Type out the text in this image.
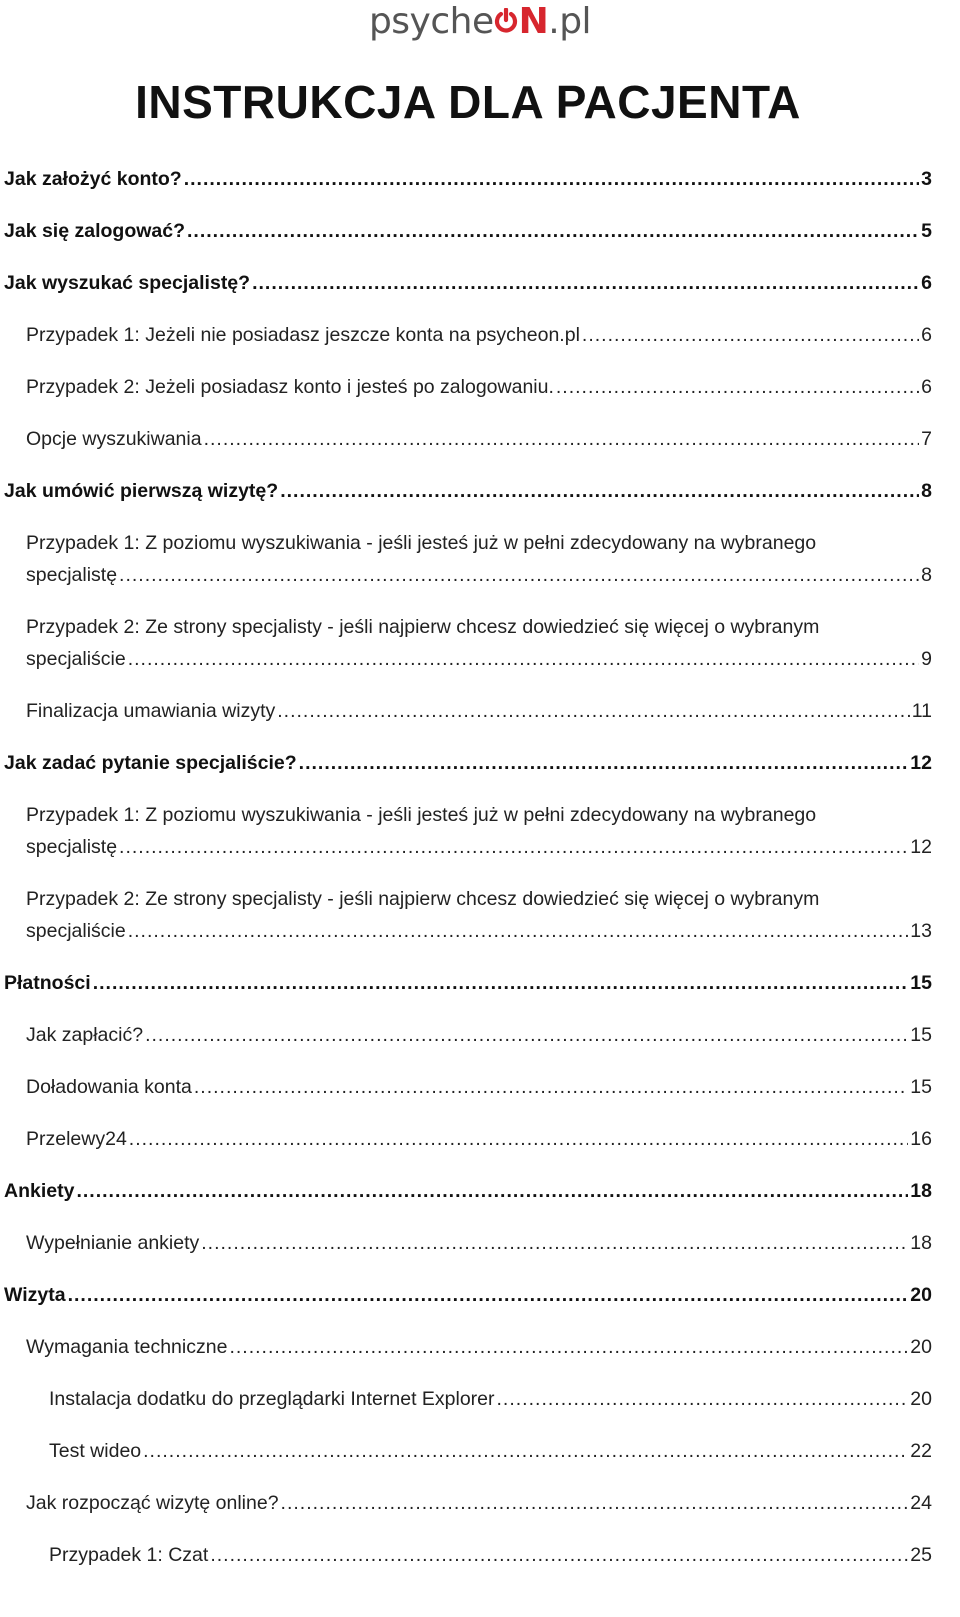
psyche N.pl
INSTRUKCJA DLA PACJENTA
Jak założyć konto? .....	3
Jak się zalogować? .....	5
Jak wyszukać specjalistę? .....	6
Przypadek 1: Jeżeli nie posiadasz jeszcze konta na psycheon.pl .....	6
Przypadek 2: Jeżeli posiadasz konto i jesteś po zalogowaniu. .....	6
Opcje wyszukiwania .....	7
Jak umówić pierwszą wizytę? .....	8
Przypadek 1: Z poziomu wyszukiwania - jeśli jesteś już w pełni zdecydowany na wybranego
specjalistę .....	8
Przypadek 2: Ze strony specjalisty - jeśli najpierw chcesz dowiedzieć się więcej o wybranym
specjaliście .....	9
Finalizacja umawiania wizyty .....	11
Jak zadać pytanie specjaliście? .....	12
Przypadek 1: Z poziomu wyszukiwania - jeśli jesteś już w pełni zdecydowany na wybranego
specjalistę .....	12
Przypadek 2: Ze strony specjalisty - jeśli najpierw chcesz dowiedzieć się więcej o wybranym
specjaliście .....	13
Płatności .....	15
Jak zapłacić? .....	15
Doładowania konta .....	15
Przelewy24 .....	16
Ankiety .....	18
Wypełnianie ankiety .....	18
Wizyta .....	20
Wymagania techniczne .....	20
Instalacja dodatku do przeglądarki Internet Explorer .....	20
Test wideo .....	22
Jak rozpocząć wizytę online? .....	24
Przypadek 1: Czat .....	25
